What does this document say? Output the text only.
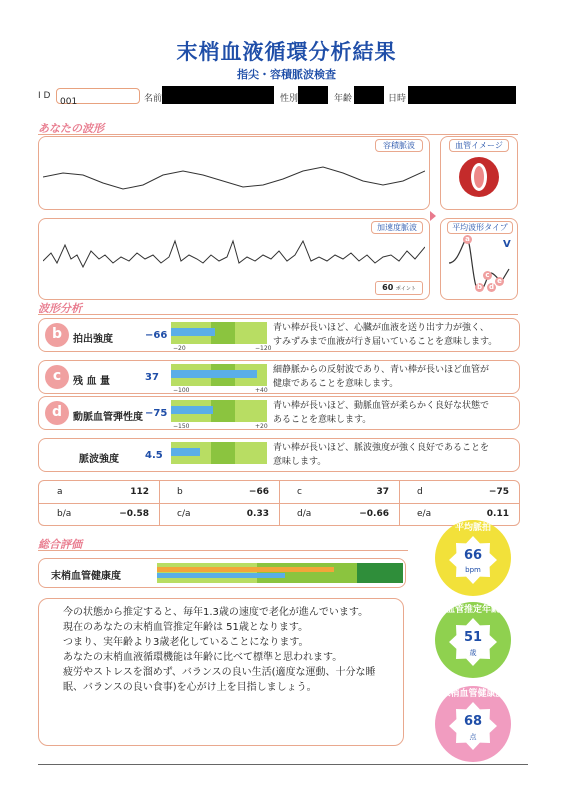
末梢血液循環分析結果
指尖・容積脈波検査
I D
001	名前	性別	年齢	日時
あなたの波形
容積脈波	血管イメージ
加速度脈波
60 ポイント
平均波形タイプ
a
b
c
d
e
V
波形分析
b	拍出強度	−66
−20	−120
青い棒が長いほど、心臓が血液を送り出す力が強く、
すみずみまで血液が行き届いていることを意味します。
c	残 血 量	37
−100	+40
細静脈からの反射波であり、青い棒が長いほど血管が
健康であることを意味します。
d	動脈血管弾性度 −75
−150	+20
青い棒が長いほど、動脈血管が柔らかく良好な状態で
あることを意味します。
脈波強度	4.5
青い棒が長いほど、脈波強度が強く良好であることを
意味します。
a	112	b	−66	c	37	d	−75
b/a	−0.58	c/a	0.33	d/a	−0.66	e/a	0.11
総合評価
末梢血管健康度
今の状態から推定すると、毎年1.3歳の速度で老化が進んでいます。
現在のあなたの末梢血管推定年齢は 51歳となります。
つまり、実年齢より3歳老化していることになります。
あなたの末梢血液循環機能は年齢に比べて標準と思われます。
疲労やストレスを溜めず、バランスの良い生活(適度な運動、十分な睡
眠、バランスの良い食事)を心がけ上を目指しましょう。
平均脈拍
66
bpm
血管推定年齢
51
歳
末梢血管健康度
68
点
